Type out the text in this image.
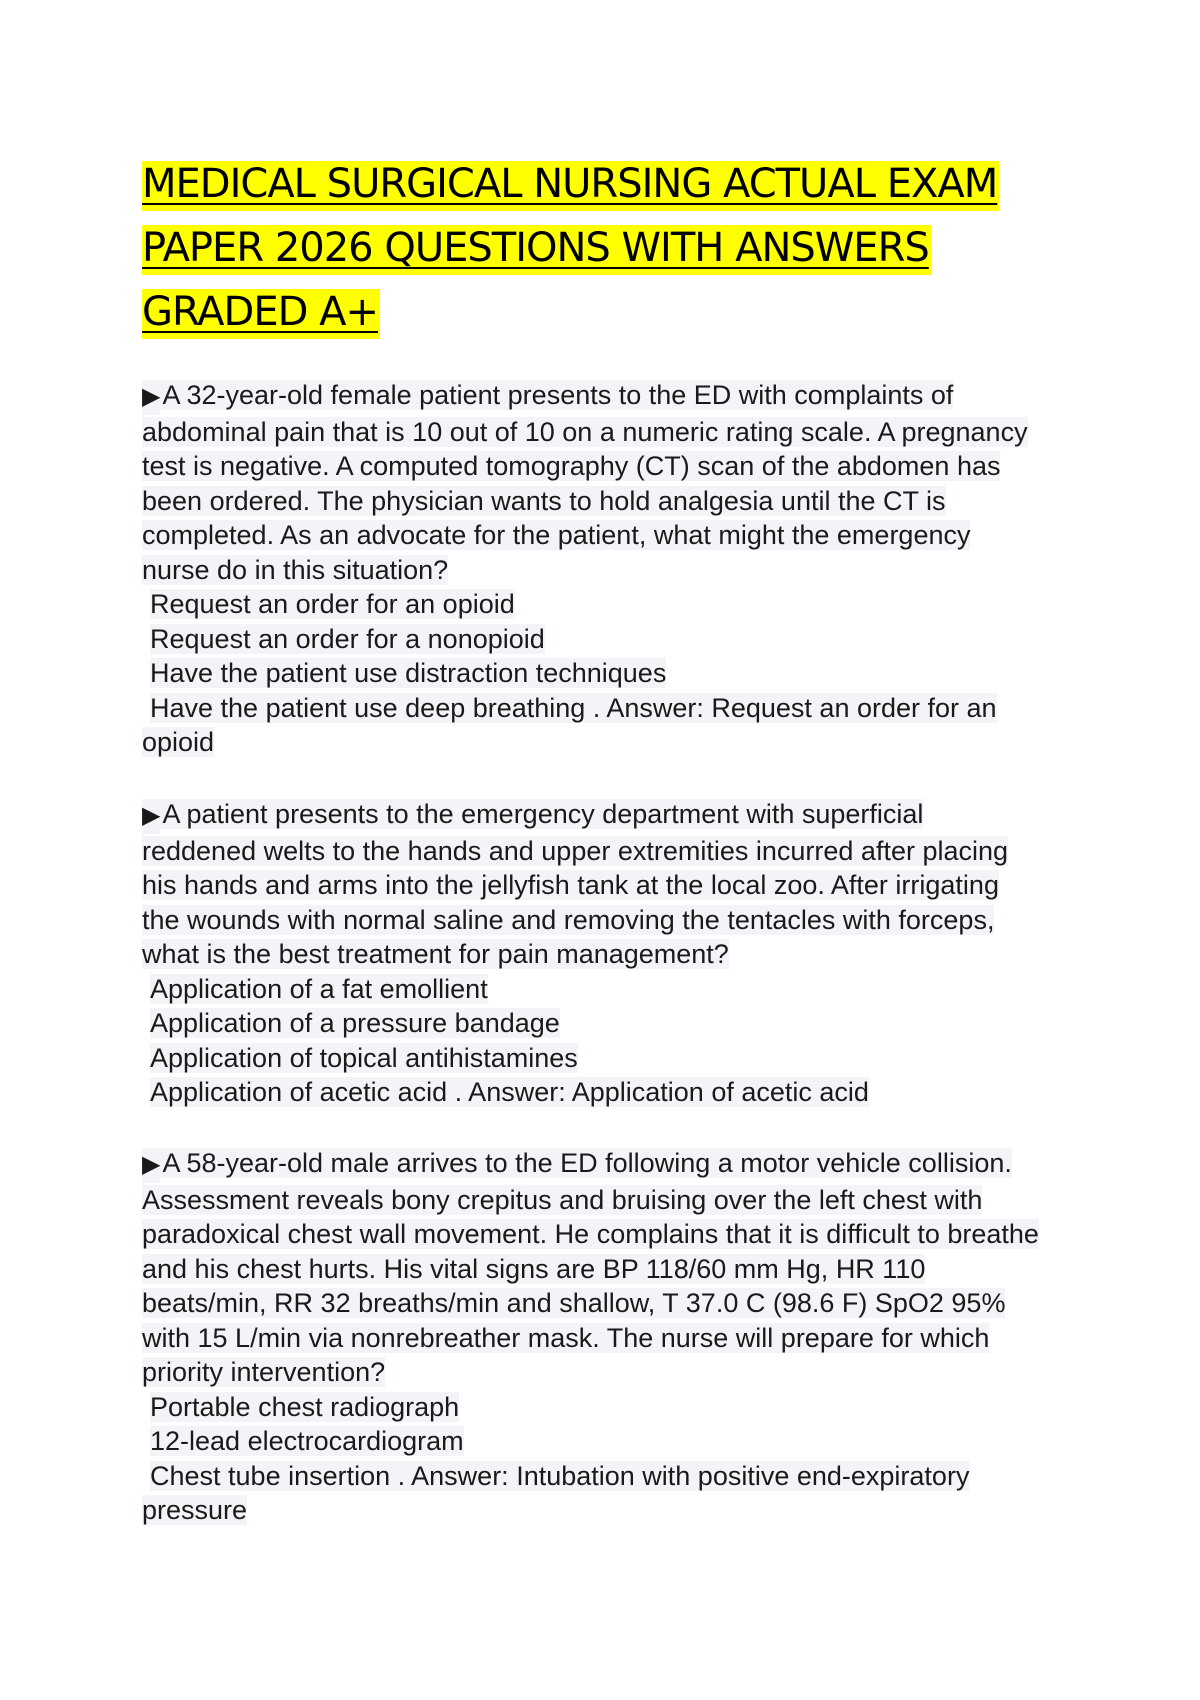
MEDICAL SURGICAL NURSING ACTUAL EXAM
PAPER 2026 QUESTIONS WITH ANSWERS
GRADED A+
▶A 32-year-old female patient presents to the ED with complaints of
abdominal pain that is 10 out of 10 on a numeric rating scale. A pregnancy
test is negative. A computed tomography (CT) scan of the abdomen has
been ordered. The physician wants to hold analgesia until the CT is
completed. As an advocate for the patient, what might the emergency
nurse do in this situation?
Request an order for an opioid
Request an order for a nonopioid
Have the patient use distraction techniques
Have the patient use deep breathing . Answer: Request an order for an
opioid
▶A patient presents to the emergency department with superficial
reddened welts to the hands and upper extremities incurred after placing
his hands and arms into the jellyfish tank at the local zoo. After irrigating
the wounds with normal saline and removing the tentacles with forceps,
what is the best treatment for pain management?
Application of a fat emollient
Application of a pressure bandage
Application of topical antihistamines
Application of acetic acid . Answer: Application of acetic acid
▶A 58-year-old male arrives to the ED following a motor vehicle collision.
Assessment reveals bony crepitus and bruising over the left chest with
paradoxical chest wall movement. He complains that it is difficult to breathe
and his chest hurts. His vital signs are BP 118/60 mm Hg, HR 110
beats/min, RR 32 breaths/min and shallow, T 37.0 C (98.6 F) SpO2 95%
with 15 L/min via nonrebreather mask. The nurse will prepare for which
priority intervention?
Portable chest radiograph
12-lead electrocardiogram
Chest tube insertion . Answer: Intubation with positive end-expiratory
pressure
